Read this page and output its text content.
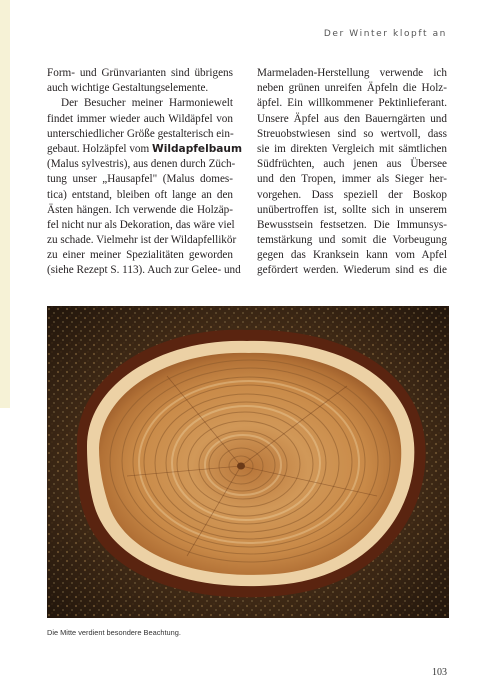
Der Winter klopft an
Form- und Grünvarianten sind übrigens
auch wichtige Gestaltungselemente.
Der Besucher meiner Harmoniewelt
findet immer wieder auch Wildäpfel von
unterschiedlicher Größe gestalterisch ein-
gebaut. Holzäpfel vom Wildapfelbaum
(Malus sylvestris), aus denen durch Züch-
tung unser „Hausapfel" (Malus domes-
tica) entstand, bleiben oft lange an den
Ästen hängen. Ich verwende die Holzäp-
fel nicht nur als Dekoration, das wäre viel
zu schade. Vielmehr ist der Wildapfellikör
zu einer meiner Spezialitäten geworden
(siehe Rezept S. 113). Auch zur Gelee- und
Marmeladen-Herstellung verwende ich
neben grünen unreifen Äpfeln die Holz-
äpfel. Ein willkommener Pektinlieferant.
Unsere Äpfel aus den Bauerngärten und
Streuobstwiesen sind so wertvoll, dass
sie im direkten Vergleich mit sämtlichen
Südfrüchten, auch jenen aus Übersee
und den Tropen, immer als Sieger her-
vorgehen. Dass speziell der Boskop
unübertroffen ist, sollte sich in unserem
Bewusstsein festsetzen. Die Immunsys-
temstärkung und somit die Vorbeugung
gegen das Kranksein kann vom Apfel
gefördert werden. Wiederum sind es die
Die Mitte verdient besondere Beachtung.
103
